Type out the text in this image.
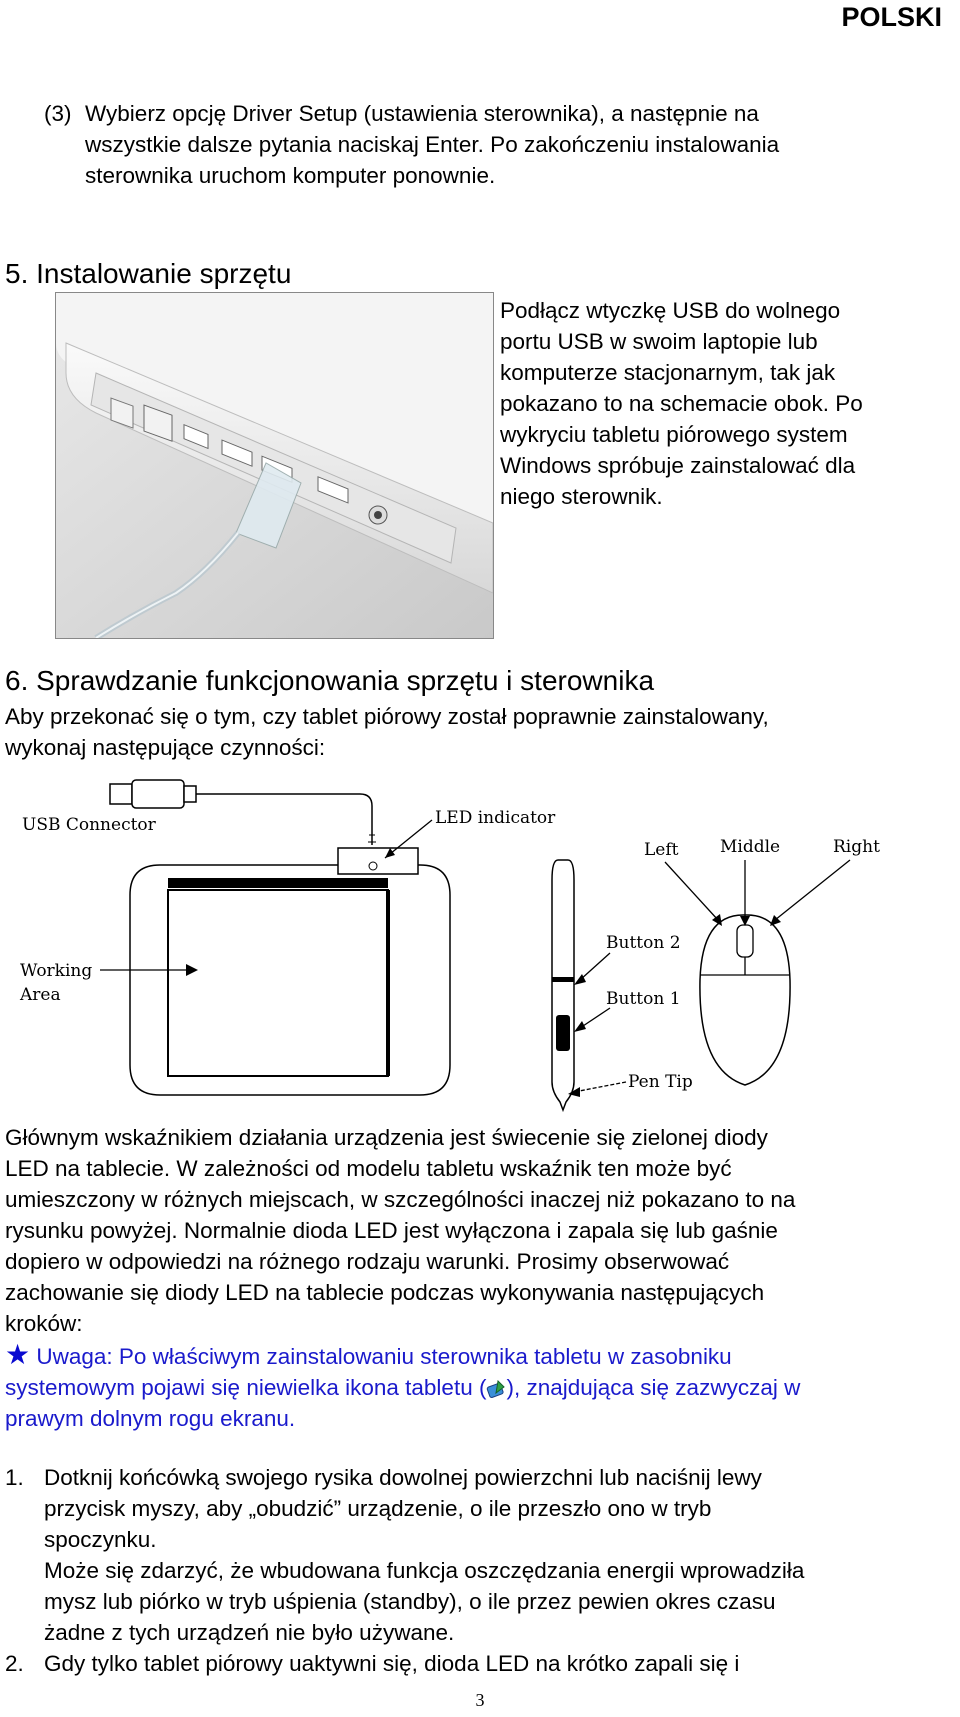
POLSKI
(3) Wybierz opcję Driver Setup (ustawienia sterownika), a następnie na
wszystkie dalsze pytania naciskaj Enter. Po zakończeniu instalowania
sterownika uruchom komputer ponownie.
5. Instalowanie sprzętu
Podłącz wtyczkę USB do wolnego
portu USB w swoim laptopie lub
komputerze stacjonarnym, tak jak
pokazano to na schemacie obok. Po
wykryciu tabletu piórowego system
Windows spróbuje zainstalować dla
niego sterownik.
6. Sprawdzanie funkcjonowania sprzętu i sterownika
Aby przekonać się o tym, czy tablet piórowy został poprawnie zainstalowany,
wykonaj następujące czynności:
USB Connector	LED indicator
Working
Area
Button 2
Button 1
Pen Tip
Left Middle	Right
Głównym wskaźnikiem działania urządzenia jest świecenie się zielonej diody
LED na tablecie. W zależności od modelu tabletu wskaźnik ten może być
umieszczony w różnych miejscach, w szczególności inaczej niż pokazano to na
rysunku powyżej. Normalnie dioda LED jest wyłączona i zapala się lub gaśnie
dopiero w odpowiedzi na różnego rodzaju warunki. Prosimy obserwować
zachowanie się diody LED na tablecie podczas wykonywania następujących
kroków:
★ Uwaga: Po właściwym zainstalowaniu sterownika tabletu w zasobniku
systemowym pojawi się niewielka ikona tabletu ( ), znajdująca się zazwyczaj w
prawym dolnym rogu ekranu.
1. Dotknij końcówką swojego rysika dowolnej powierzchni lub naciśnij lewy
przycisk myszy, aby „obudzić” urządzenie, o ile przeszło ono w tryb
spoczynku.
Może się zdarzyć, że wbudowana funkcja oszczędzania energii wprowadziła
mysz lub piórko w tryb uśpienia (standby), o ile przez pewien okres czasu
żadne z tych urządzeń nie było używane.
2. Gdy tylko tablet piórowy uaktywni się, dioda LED na krótko zapali się i
3
